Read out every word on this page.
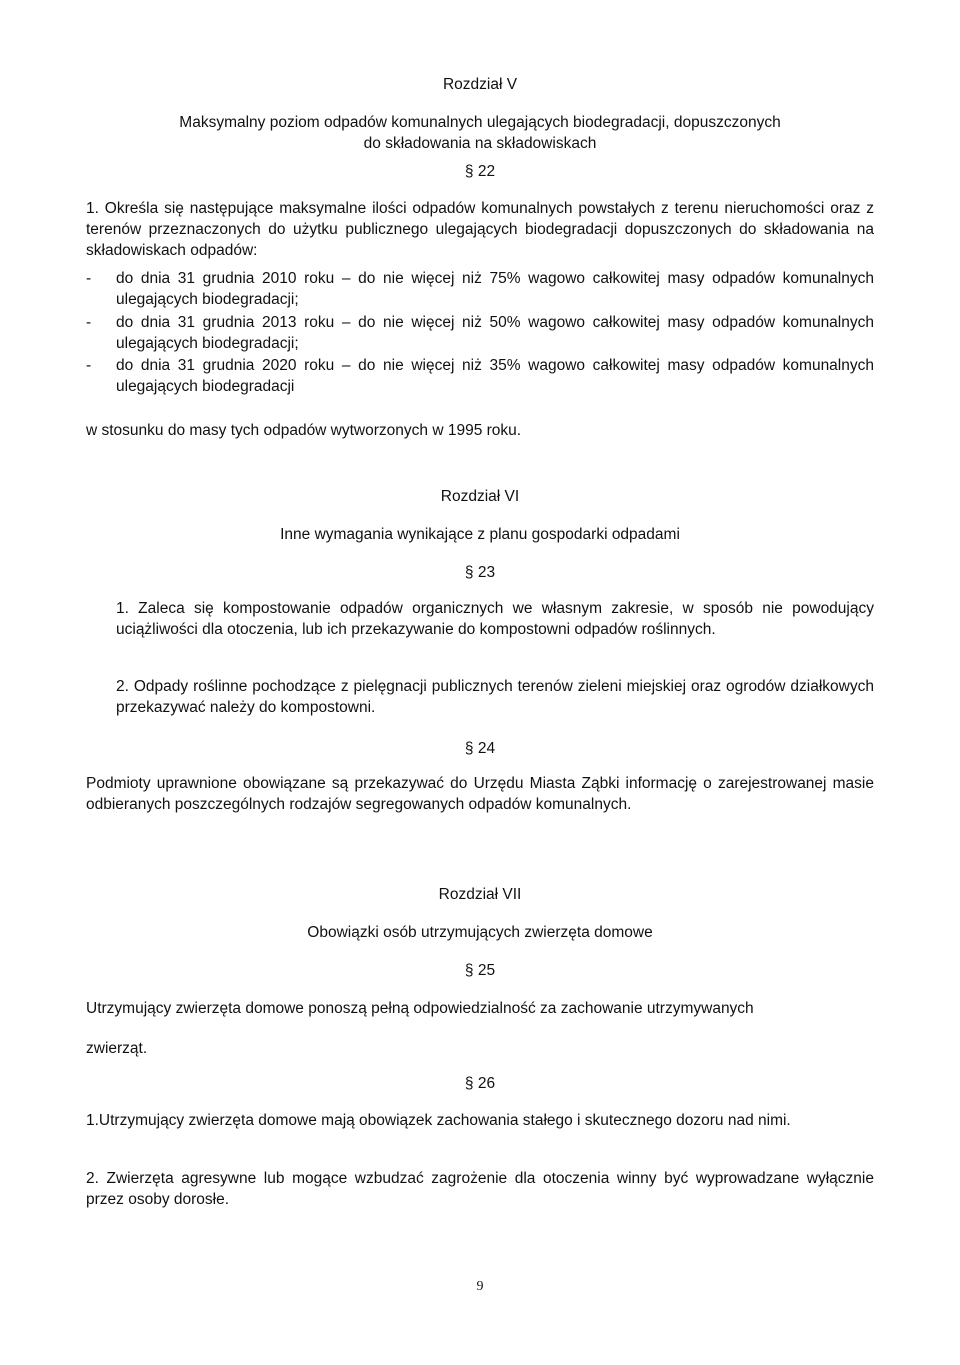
Rozdział V

Maksymalny poziom odpadów komunalnych ulegających biodegradacji, dopuszczonych

do składowania na składowiskach

§ 22

1. Określa się następujące maksymalne ilości odpadów komunalnych powstałych z terenu nieruchomości oraz z terenów przeznaczonych do użytku publicznego ulegających biodegradacji dopuszczonych do składowania na składowiskach odpadów:

- do dnia 31 grudnia 2010 roku – do nie więcej niż 75% wagowo całkowitej masy odpadów komunalnych ulegających biodegradacji;

- do dnia 31 grudnia 2013 roku – do nie więcej niż 50% wagowo całkowitej masy odpadów komunalnych ulegających biodegradacji;

- do dnia 31 grudnia 2020 roku – do nie więcej niż 35% wagowo całkowitej masy odpadów komunalnych ulegających biodegradacji

w stosunku do masy tych odpadów wytworzonych w 1995 roku.

Rozdział VI

Inne wymagania wynikające z planu gospodarki odpadami

§ 23

1. Zaleca się kompostowanie odpadów organicznych we własnym zakresie, w sposób nie powodujący uciążliwości dla otoczenia, lub ich przekazywanie do kompostowni odpadów roślinnych.

2. Odpady roślinne pochodzące z pielęgnacji publicznych terenów zieleni miejskiej oraz ogrodów działkowych przekazywać należy do kompostowni.

§ 24

Podmioty uprawnione obowiązane są przekazywać do Urzędu Miasta Ząbki informację o zarejestrowanej masie odbieranych poszczególnych rodzajów segregowanych odpadów komunalnych.

Rozdział VII

Obowiązki osób utrzymujących zwierzęta domowe

§ 25

Utrzymujący zwierzęta domowe ponoszą pełną odpowiedzialność za zachowanie utrzymywanych

zwierząt.

§ 26

1.Utrzymujący zwierzęta domowe mają obowiązek zachowania stałego i skutecznego dozoru nad nimi.

2. Zwierzęta agresywne lub mogące wzbudzać zagrożenie dla otoczenia winny być wyprowadzane wyłącznie przez osoby dorosłe.

9
